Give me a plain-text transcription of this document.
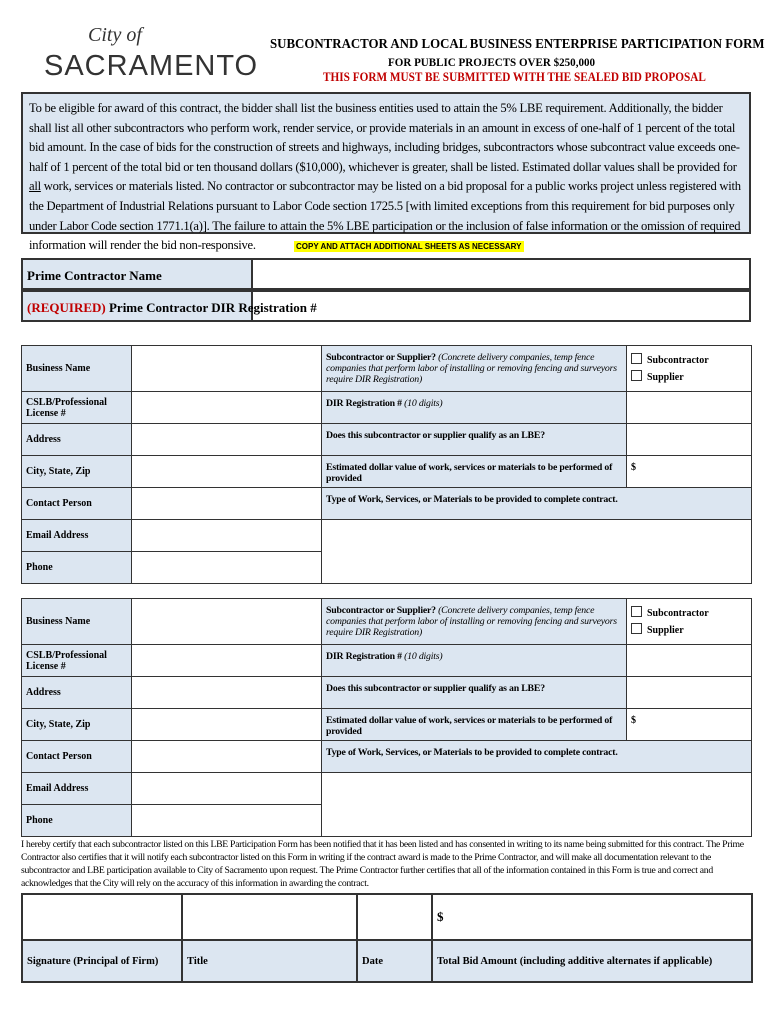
City of
SACRAMENTO
SUBCONTRACTOR AND LOCAL BUSINESS ENTERPRISE PARTICIPATION FORM
FOR PUBLIC PROJECTS OVER $250,000
THIS FORM MUST BE SUBMITTED WITH THE SEALED BID PROPOSAL
To be eligible for award of this contract, the bidder shall list the business entities used to attain the 5% LBE requirement. Additionally, the bidder shall list all other subcontractors who perform work, render service, or provide materials in an amount in excess of one-half of 1 percent of the total bid amount. In the case of bids for the construction of streets and highways, including bridges, subcontractors whose subcontract value exceeds one-half of 1 percent of the total bid or ten thousand dollars ($10,000), whichever is greater, shall be listed. Estimated dollar values shall be provided for all work, services or materials listed. No contractor or subcontractor may be listed on a bid proposal for a public works project unless registered with the Department of Industrial Relations pursuant to Labor Code section 1725.5 [with limited exceptions from this requirement for bid purposes only under Labor Code section 1771.1(a)]. The failure to attain the 5% LBE participation or the inclusion of false information or the omission of required information will render the bid non-responsive.	COPY AND ATTACH ADDITIONAL SHEETS AS NECESSARY
Prime Contractor Name
(REQUIRED) Prime Contractor DIR Registration #
Business Name		Subcontractor or Supplier? (Concrete delivery companies, temp fence companies that perform labor of installing or removing fencing and surveyors require DIR Registration)	Subcontractor
Supplier

CSLB/Professional License #		DIR Registration # (10 digits)	
Address		Does this subcontractor or supplier qualify as an LBE?	
City, State, Zip		Estimated dollar value of work, services or materials to be performed of provided	$
Contact Person		Type of Work, Services, or Materials to be provided to complete contract.	
Email Address			
Phone			
Business Name		Subcontractor or Supplier? (Concrete delivery companies, temp fence companies that perform labor of installing or removing fencing and surveyors require DIR Registration)	Subcontractor
Supplier

CSLB/Professional License #		DIR Registration # (10 digits)	
Address		Does this subcontractor or supplier qualify as an LBE?	
City, State, Zip		Estimated dollar value of work, services or materials to be performed of provided	$
Contact Person		Type of Work, Services, or Materials to be provided to complete contract.	
Email Address			
Phone			
I hereby certify that each subcontractor listed on this LBE Participation Form has been notified that it has been listed and has consented in writing to its name being submitted for this contract. The Prime Contractor also certifies that it will notify each subcontractor listed on this Form in writing if the contract award is made to the Prime Contractor, and will make all documentation relevant to the subcontractor and LBE participation available to City of Sacramento upon request. The Prime Contractor further certifies that all of the information contained in this Form is true and correct and acknowledges that the City will rely on the accuracy of this information in awarding the contract.
			$
Signature (Principal of Firm)	Title	Date	Total Bid Amount (including additive alternates if applicable)
